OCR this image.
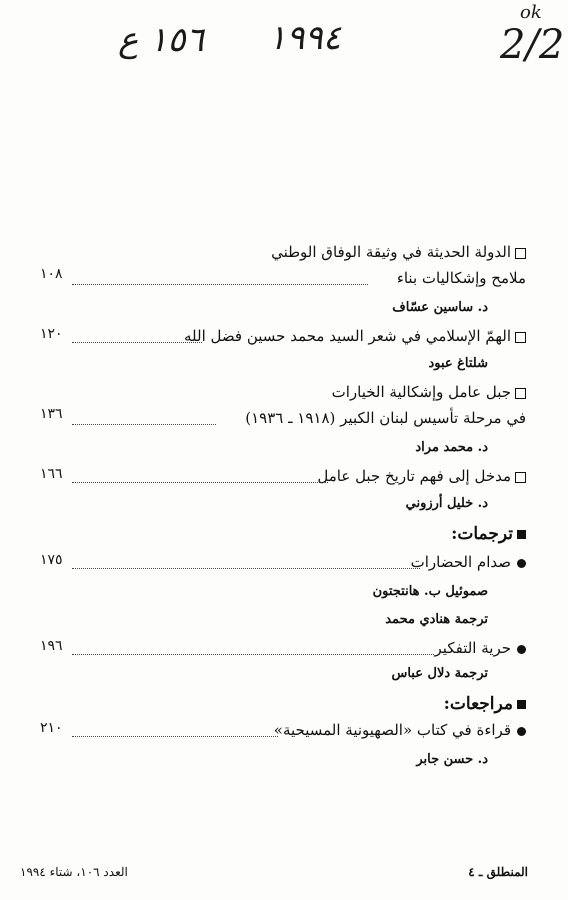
١٥٦ ع ١٩٩٤
ok
2/2
الدولة الحديثة في وثيقة الوفاق الوطني
ملامح وإشكاليات بناء
١٠٨
د. ساسين عسّاف
الهمّ الإسلامي في شعر السيد محمد حسين فضل الله
١٢٠
شلتاغ عبود
جبل عامل وإشكالية الخيارات
في مرحلة تأسيس لبنان الكبير (١٩١٨ ـ ١٩٣٦)
١٣٦
د. محمد مراد
مدخل إلى فهم تاريخ جبل عامل
١٦٦
د. خليل أرزوني
ترجمات:
صدام الحضارات
١٧٥
صموئيل ب. هانتجتون
ترجمة هنادي محمد
حرية التفكير
١٩٦
ترجمة دلال عباس
مراجعات:
قراءة في كتاب «الصهيونية المسيحية»
٢١٠
د. حسن جابر
المنطلق ـ ٤
العدد ١٠٦، شتاء ١٩٩٤
